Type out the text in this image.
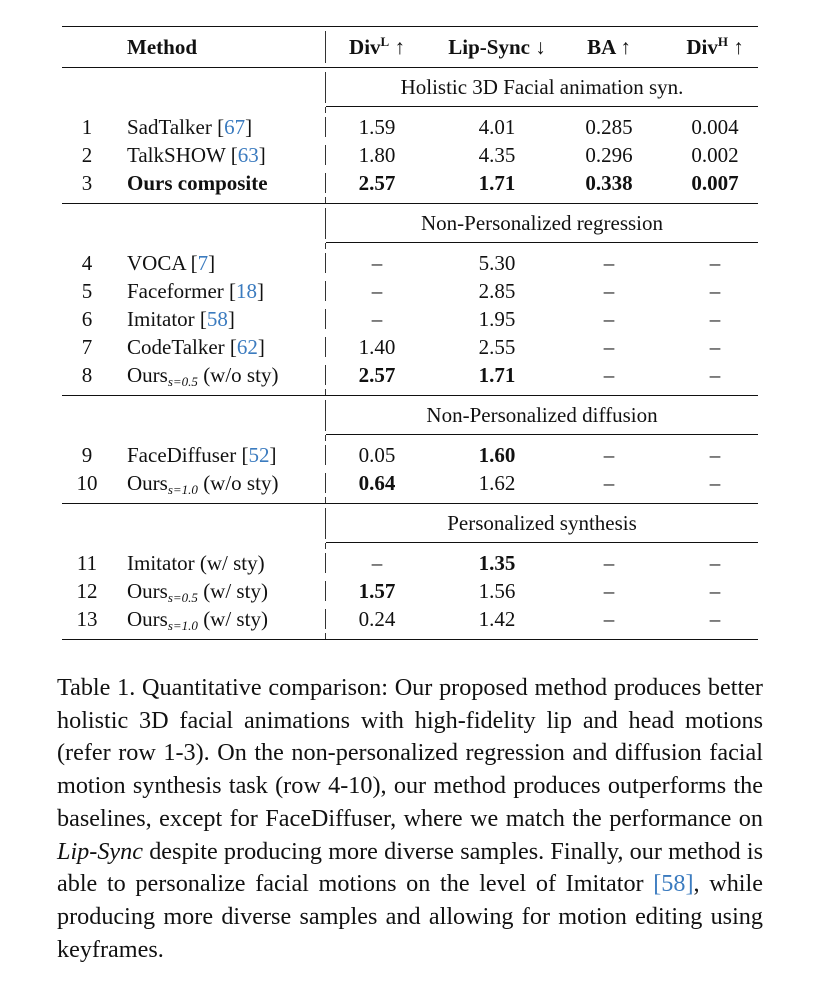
Method	Div$^L$ ↑	Lip-Sync ↓	BA ↑	Div$^H$ ↑
Holistic 3D Facial animation syn.
1	SadTalker [67]	1.59	4.01	0.285	0.004
2	TalkSHOW [63]	1.80	4.35	0.296	0.002
3	Ours composite	2.57	1.71	0.338	0.007
Non-Personalized regression
4	VOCA [7]	–	5.30	–	–
5	Faceformer [18]	–	2.85	–	–
6	Imitator [58]	–	1.95	–	–
7	CodeTalker [62]	1.40	2.55	–	–
8	Ours$_{s=0.5}$ (w/o sty)	2.57	1.71	–	–
Non-Personalized diffusion
9	FaceDiffuser [52]	0.05	1.60	–	–
10	Ours$_{s=1.0}$ (w/o sty)	0.64	1.62	–	–
Personalized synthesis
11	Imitator (w/ sty)	–	1.35	–	–
12	Ours$_{s=0.5}$ (w/ sty)	1.57	1.56	–	–
13	Ours$_{s=1.0}$ (w/ sty)	0.24	1.42	–	–
Table 1. Quantitative comparison: Our proposed method produces better holistic 3D facial animations with high-fidelity lip and head motions (refer row 1-3). On the non-personalized regression and diffusion facial motion synthesis task (row 4-10), our method produces outperforms the baselines, except for FaceDiffuser, where we match the performance on Lip-Sync despite producing more diverse samples. Finally, our method is able to personalize facial motions on the level of Imitator [58], while producing more diverse samples and allowing for motion editing using keyframes.
